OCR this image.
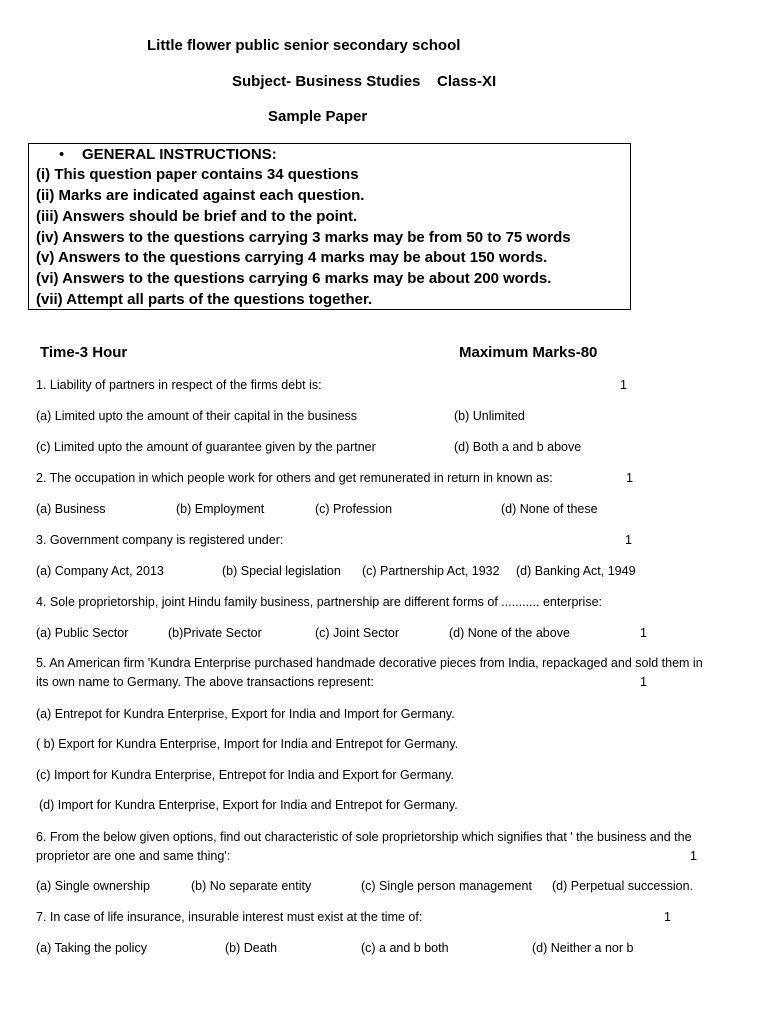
Little flower public senior secondary school
Subject- Business Studies Class-XI
Sample Paper
• GENERAL INSTRUCTIONS:
(i) This question paper contains 34 questions
(ii) Marks are indicated against each question.
(iii) Answers should be brief and to the point.
(iv) Answers to the questions carrying 3 marks may be from 50 to 75 words
(v) Answers to the questions carrying 4 marks may be about 150 words.
(vi) Answers to the questions carrying 6 marks may be about 200 words.
(vii) Attempt all parts of the questions together.
Time-3 Hour	Maximum Marks-80
1. Liability of partners in respect of the firms debt is:	1
(a) Limited upto the amount of their capital in the business	(b) Unlimited
(c) Limited upto the amount of guarantee given by the partner	(d) Both a and b above
2. The occupation in which people work for others and get remunerated in return in known as:	1
(a) Business	(b) Employment	(c) Profession	(d) None of these
3. Government company is registered under:	1
(a) Company Act, 2013	(b) Special legislation (c) Partnership Act, 1932 (d) Banking Act, 1949
4. Sole proprietorship, joint Hindu family business, partnership are different forms of ........... enterprise:
(a) Public Sector	(b)Private Sector	(c) Joint Sector	(d) None of the above	1
5. An American firm 'Kundra Enterprise purchased handmade decorative pieces from India, repackaged and sold them in
its own name to Germany. The above transactions represent:	1
(a) Entrepot for Kundra Enterprise, Export for India and Import for Germany.
( b) Export for Kundra Enterprise, Import for India and Entrepot for Germany.
(c) Import for Kundra Enterprise, Entrepot for India and Export for Germany.
(d) Import for Kundra Enterprise, Export for India and Entrepot for Germany.
6. From the below given options, find out characteristic of sole proprietorship which signifies that ' the business and the
proprietor are one and same thing':	1
(a) Single ownership	(b) No separate entity	(c) Single person management (d) Perpetual succession.
7. In case of life insurance, insurable interest must exist at the time of:	1
(a) Taking the policy	(b) Death	(c) a and b both	(d) Neither a nor b
